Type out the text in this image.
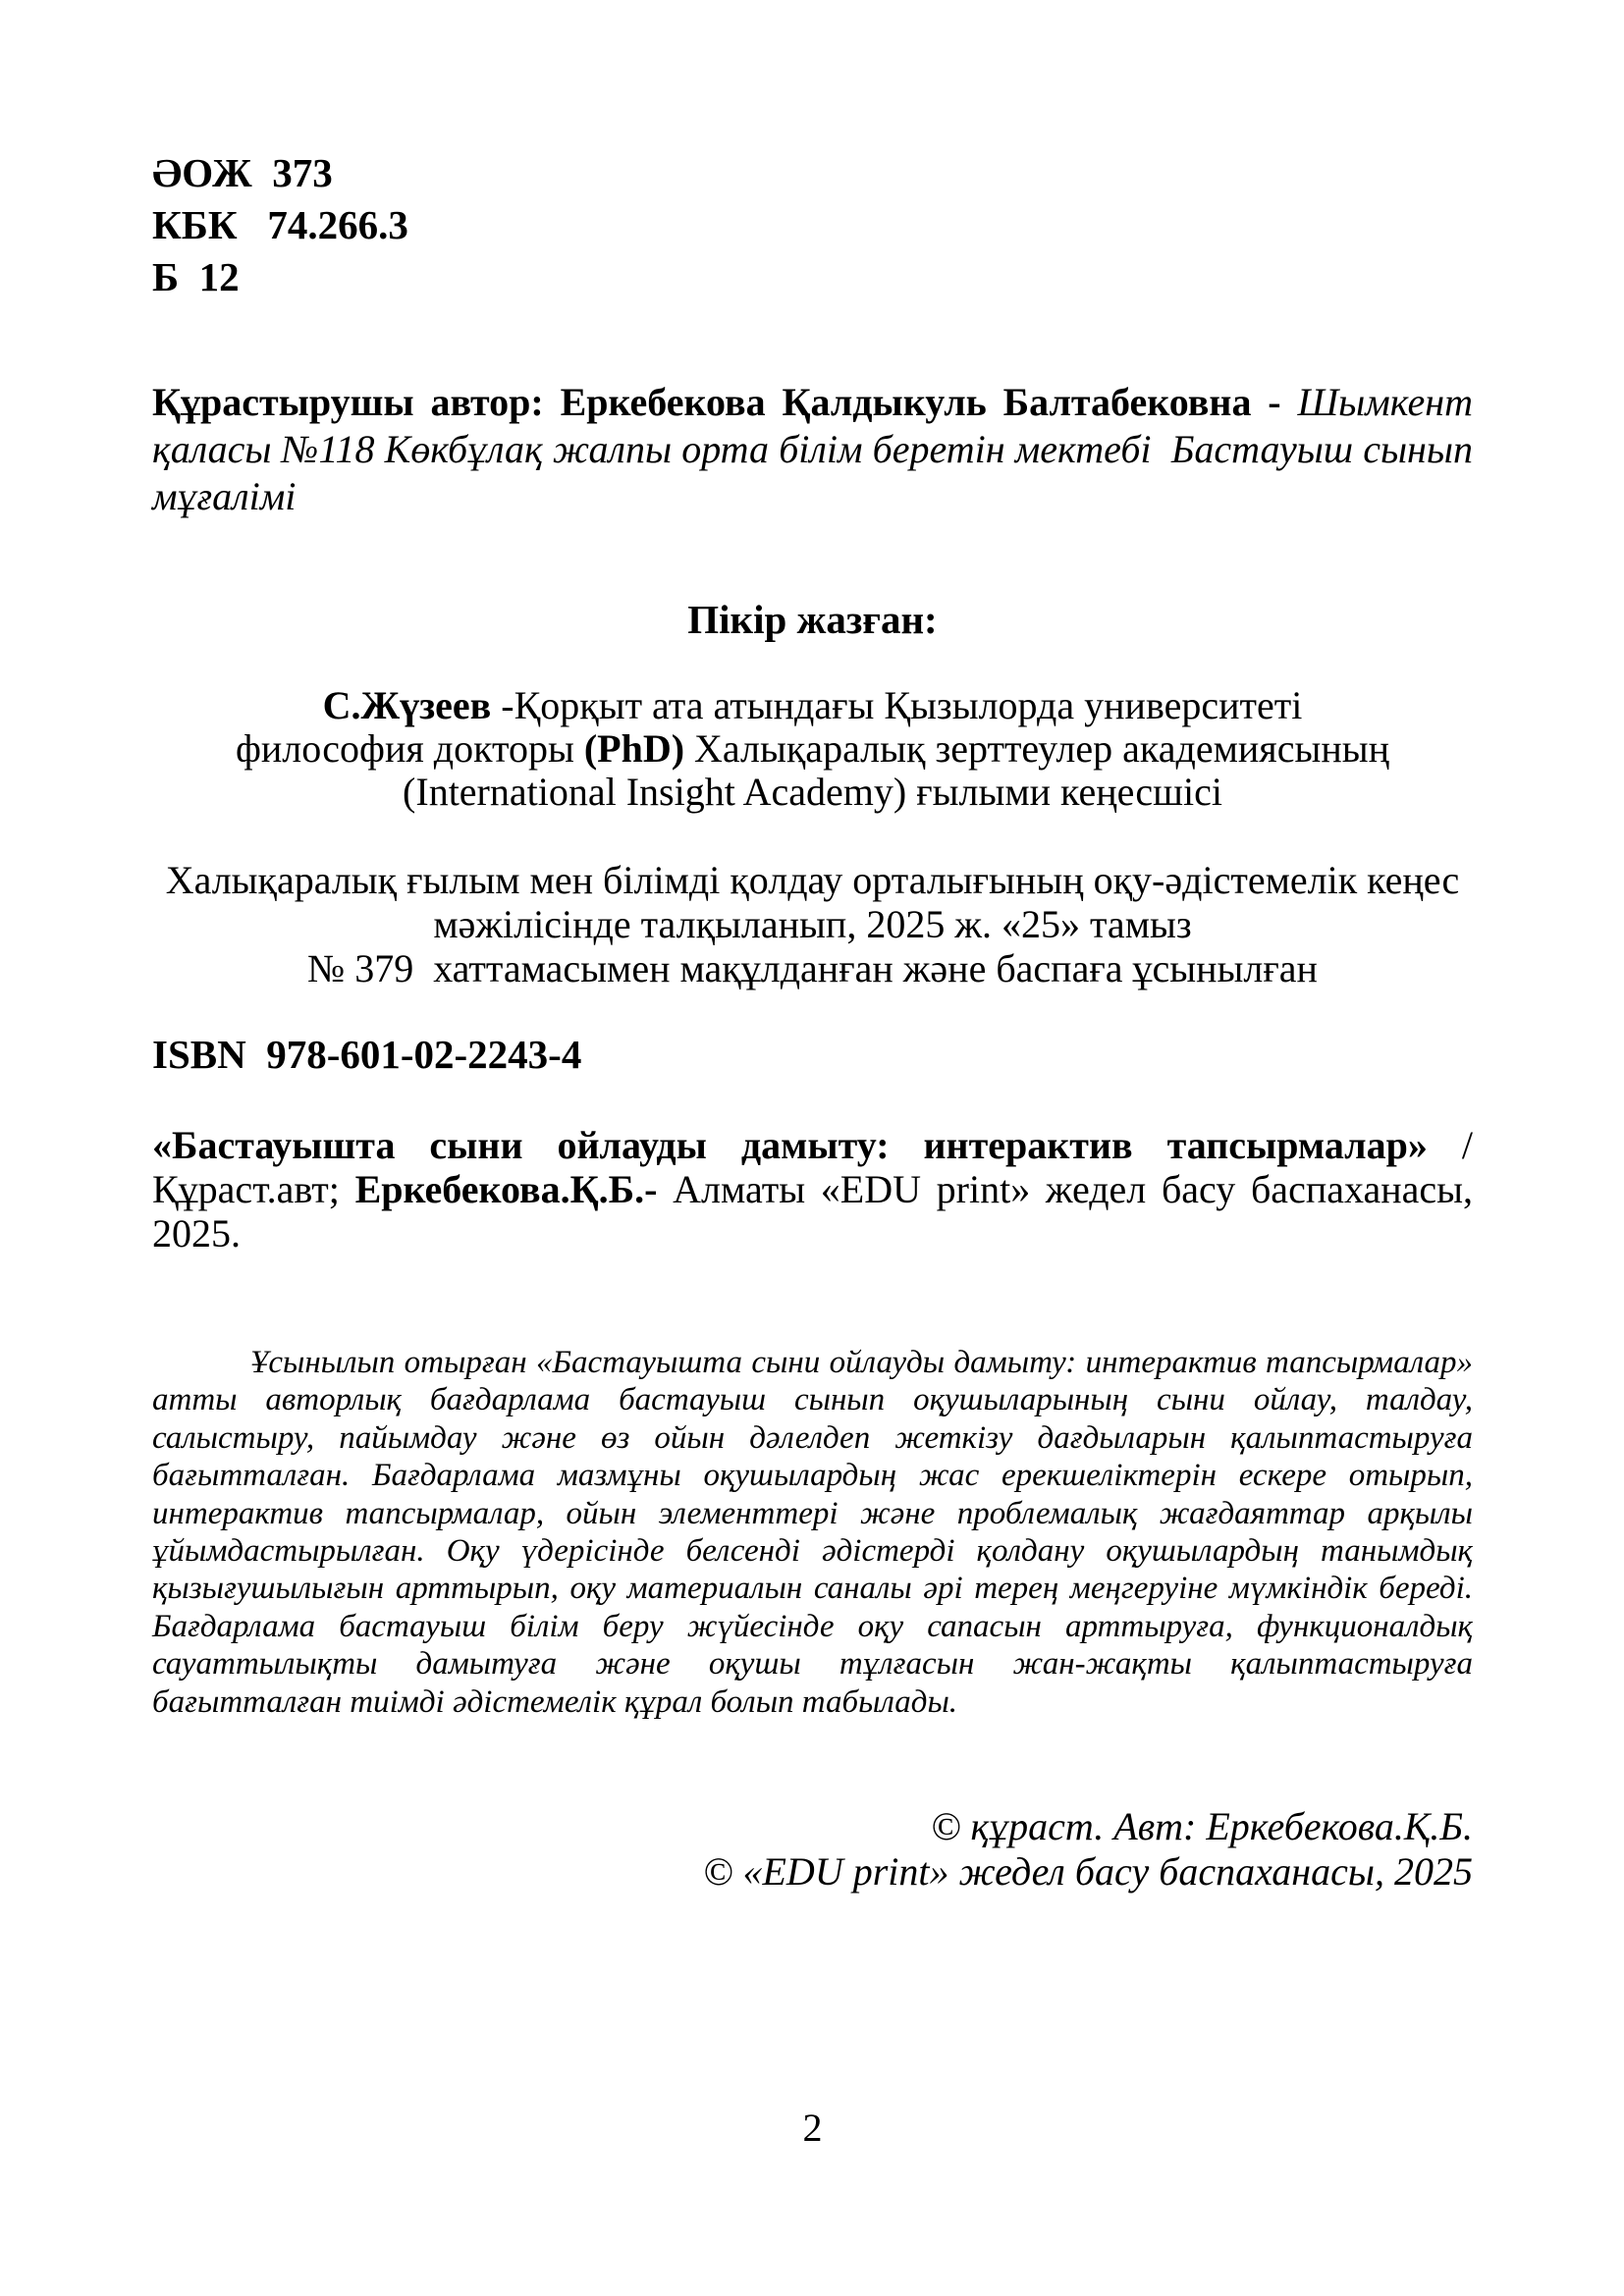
ӘОЖ  373
КБК   74.266.3
Б  12
Құрастырушы автор: Еркебекова Қалдыкуль Балтабековна - Шымкент
қаласы №118 Көкбұлақ жалпы орта білім беретін мектебі  Бастауыш сынып
мұғалімі
Пікір жазған:
С.Жүзеев -Қорқыт ата атындағы Қызылорда университеті
философия докторы (PhD) Халықаралық зерттеулер академиясының
(International Insight Academy) ғылыми кеңесшісі
Халықаралық ғылым мен білімді қолдау орталығының оқу-әдістемелік кеңес
мәжілісінде талқыланып, 2025 ж. «25» тамыз
№ 379  хаттамасымен мақұлданған және баспаға ұсынылған
ISBN  978-601-02-2243-4
«Бастауышта сыни ойлауды дамыту: интерактив тапсырмалар» /
Құраст.авт; Еркебекова.Қ.Б.- Алматы «EDU print» жедел басу баспаханасы,
2025.
Ұсынылып отырған «Бастауышта сыни ойлауды дамыту: интерактив тапсырмалар»
атты авторлық бағдарлама бастауыш сынып оқушыларының сыни ойлау, талдау,
салыстыру, пайымдау және өз ойын дәлелдеп жеткізу дағдыларын қалыптастыруға
бағытталған. Бағдарлама мазмұны оқушылардың жас ерекшеліктерін ескере отырып,
интерактив тапсырмалар, ойын элементтері және проблемалық жағдаяттар арқылы
ұйымдастырылған. Оқу үдерісінде белсенді әдістерді қолдану оқушылардың танымдық
қызығушылығын арттырып, оқу материалын саналы әрі терең меңгеруіне мүмкіндік береді.
Бағдарлама бастауыш білім беру жүйесінде оқу сапасын арттыруға, функционалдық
сауаттылықты дамытуға және оқушы тұлғасын жан-жақты қалыптастыруға
бағытталған тиімді әдістемелік құрал болып табылады.
© құраст. Авт: Еркебекова.Қ.Б.
© «EDU print» жедел басу баспаханасы, 2025
2
